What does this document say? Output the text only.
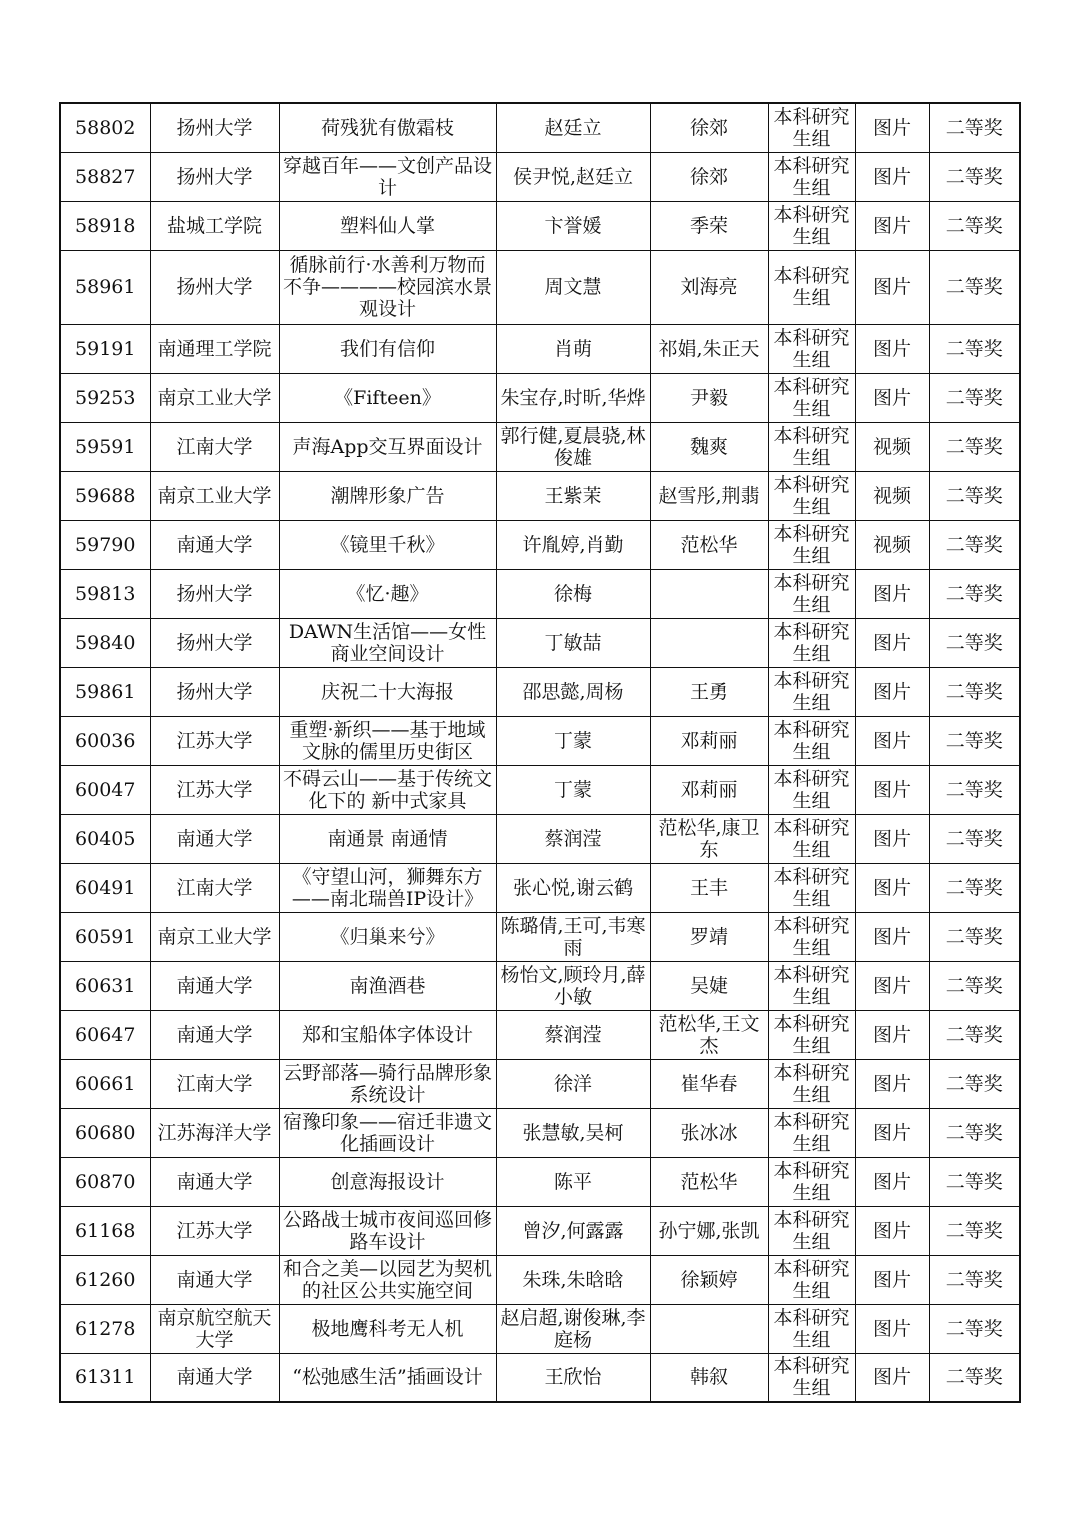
58802	扬州大学	荷残犹有傲霜枝	赵廷立	徐郊	本科研究生组	图片	二等奖
58827	扬州大学	穿越百年——文创产品设计	侯尹悦,赵廷立	徐郊	本科研究生组	图片	二等奖
58918	盐城工学院	塑料仙人掌	卞誉媛	季荣	本科研究生组	图片	二等奖
58961	扬州大学	循脉前行·水善利万物而不争————校园滨水景观设计	周文慧	刘海亮	本科研究生组	图片	二等奖
59191	南通理工学院	我们有信仰	肖萌	祁娟,朱正天	本科研究生组	图片	二等奖
59253	南京工业大学	《Fifteen》	朱宝存,时昕,华烨	尹毅	本科研究生组	图片	二等奖
59591	江南大学	声海App交互界面设计	郭行健,夏晨骁,林俊雄	魏爽	本科研究生组	视频	二等奖
59688	南京工业大学	潮牌形象广告	王紫茉	赵雪彤,荆翡	本科研究生组	视频	二等奖
59790	南通大学	《镜里千秋》	许胤婷,肖勤	范松华	本科研究生组	视频	二等奖
59813	扬州大学	《忆·趣》	徐梅		本科研究生组	图片	二等奖
59840	扬州大学	DAWN生活馆——女性商业空间设计	丁敏喆		本科研究生组	图片	二等奖
59861	扬州大学	庆祝二十大海报	邵思懿,周杨	王勇	本科研究生组	图片	二等奖
60036	江苏大学	重塑·新织——基于地域文脉的儒里历史街区	丁蒙	邓莉丽	本科研究生组	图片	二等奖
60047	江苏大学	不碍云山——基于传统文化下的 新中式家具	丁蒙	邓莉丽	本科研究生组	图片	二等奖
60405	南通大学	南通景 南通情	蔡润滢	范松华,康卫东	本科研究生组	图片	二等奖
60491	江南大学	《守望山河，狮舞东方——南北瑞兽IP设计》	张心悦,谢云鹤	王丰	本科研究生组	图片	二等奖
60591	南京工业大学	《归巢来兮》	陈璐倩,王可,韦寒雨	罗靖	本科研究生组	图片	二等奖
60631	南通大学	南渔酒巷	杨怡文,顾玲月,薛小敏	吴婕	本科研究生组	图片	二等奖
60647	南通大学	郑和宝船体字体设计	蔡润滢	范松华,王文杰	本科研究生组	图片	二等奖
60661	江南大学	云野部落—骑行品牌形象系统设计	徐洋	崔华春	本科研究生组	图片	二等奖
60680	江苏海洋大学	宿豫印象——宿迁非遗文化插画设计	张慧敏,吴柯	张冰冰	本科研究生组	图片	二等奖
60870	南通大学	创意海报设计	陈平	范松华	本科研究生组	图片	二等奖
61168	江苏大学	公路战士城市夜间巡回修路车设计	曾汐,何露露	孙宁娜,张凯	本科研究生组	图片	二等奖
61260	南通大学	和合之美—以园艺为契机的社区公共实施空间	朱珠,朱晗晗	徐颖婷	本科研究生组	图片	二等奖
61278	南京航空航天大学	极地鹰科考无人机	赵启超,谢俊琳,李庭杨		本科研究生组	图片	二等奖
61311	南通大学	“松弛感生活”插画设计	王欣怡	韩叙	本科研究生组	图片	二等奖
